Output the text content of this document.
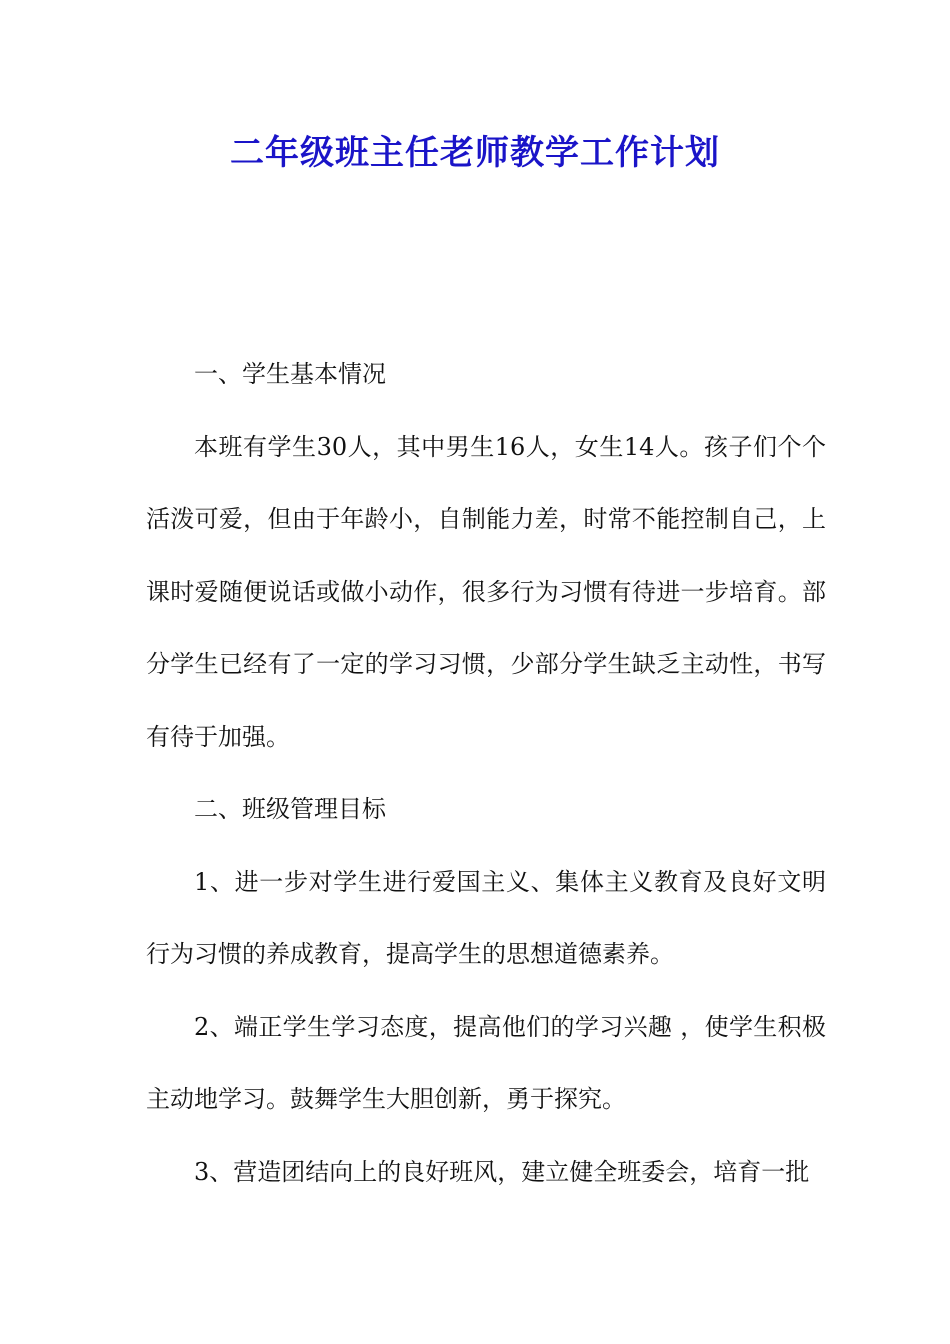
二年级班主任老师教学工作计划

一、学生基本情况

本班有学生30人，其中男生16人，女生14人。孩子们个个活泼可爱，但由于年龄小，自制能力差，时常不能控制自己，上课时爱随便说话或做小动作，很多行为习惯有待进一步培育。部分学生已经有了一定的学习习惯，少部分学生缺乏主动性，书写有待于加强。

二、班级管理目标

1、进一步对学生进行爱国主义、集体主义教育及良好文明行为习惯的养成教育，提高学生的思想道德素养。

2、端正学生学习态度，提高他们的学习兴趣 ，使学生积极主动地学习。鼓舞学生大胆创新，勇于探究。

3、营造团结向上的良好班风，建立健全班委会，培育一批
